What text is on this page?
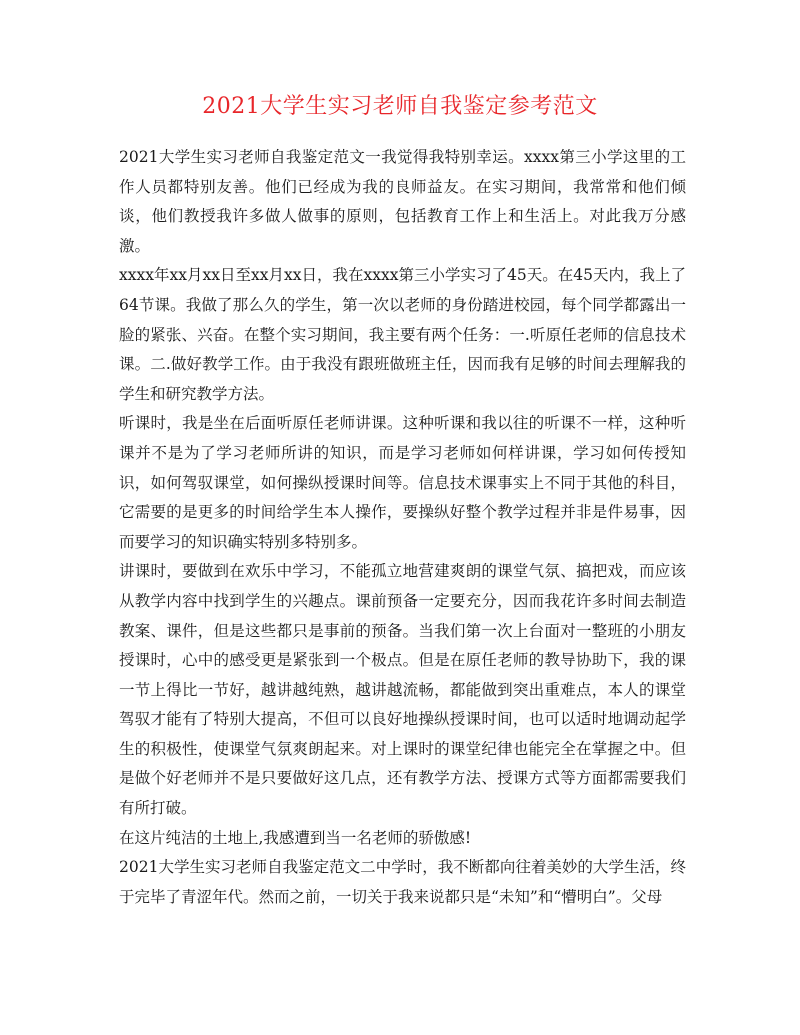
2021大学生实习老师自我鉴定参考范文

2021大学生实习老师自我鉴定范文一我觉得我特别幸运。xxxx第三小学这里的工作人员都特别友善。他们已经成为我的良师益友。在实习期间，我常常和他们倾谈，他们教授我许多做人做事的原则，包括教育工作上和生活上。对此我万分感激。

xxxx年xx月xx日至xx月xx日，我在xxxx第三小学实习了45天。在45天内，我上了64节课。我做了那么久的学生，第一次以老师的身份踏进校园，每个同学都露出一脸的紧张、兴奋。在整个实习期间，我主要有两个任务：一.听原任老师的信息技术课。二.做好教学工作。由于我没有跟班做班主任，因而我有足够的时间去理解我的学生和研究教学方法。

听课时，我是坐在后面听原任老师讲课。这种听课和我以往的听课不一样，这种听课并不是为了学习老师所讲的知识，而是学习老师如何样讲课，学习如何传授知识，如何驾驭课堂，如何操纵授课时间等。信息技术课事实上不同于其他的科目，它需要的是更多的时间给学生本人操作，要操纵好整个教学过程并非是件易事，因而要学习的知识确实特别多特别多。

讲课时，要做到在欢乐中学习，不能孤立地营建爽朗的课堂气氛、搞把戏，而应该从教学内容中找到学生的兴趣点。课前预备一定要充分，因而我花许多时间去制造教案、课件，但是这些都只是事前的预备。当我们第一次上台面对一整班的小朋友授课时，心中的感受更是紧张到一个极点。但是在原任老师的教导协助下，我的课一节上得比一节好，越讲越纯熟，越讲越流畅，都能做到突出重难点，本人的课堂驾驭才能有了特别大提高，不但可以良好地操纵授课时间，也可以适时地调动起学生的积极性，使课堂气氛爽朗起来。对上课时的课堂纪律也能完全在掌握之中。但是做个好老师并不是只要做好这几点，还有教学方法、授课方式等方面都需要我们有所打破。

在这片纯洁的土地上,我感遭到当一名老师的骄傲感!

2021大学生实习老师自我鉴定范文二中学时，我不断都向往着美妙的大学生活，终于完毕了青涩年代。然而之前，一切关于我来说都只是“未知”和“懵明白”。父母
